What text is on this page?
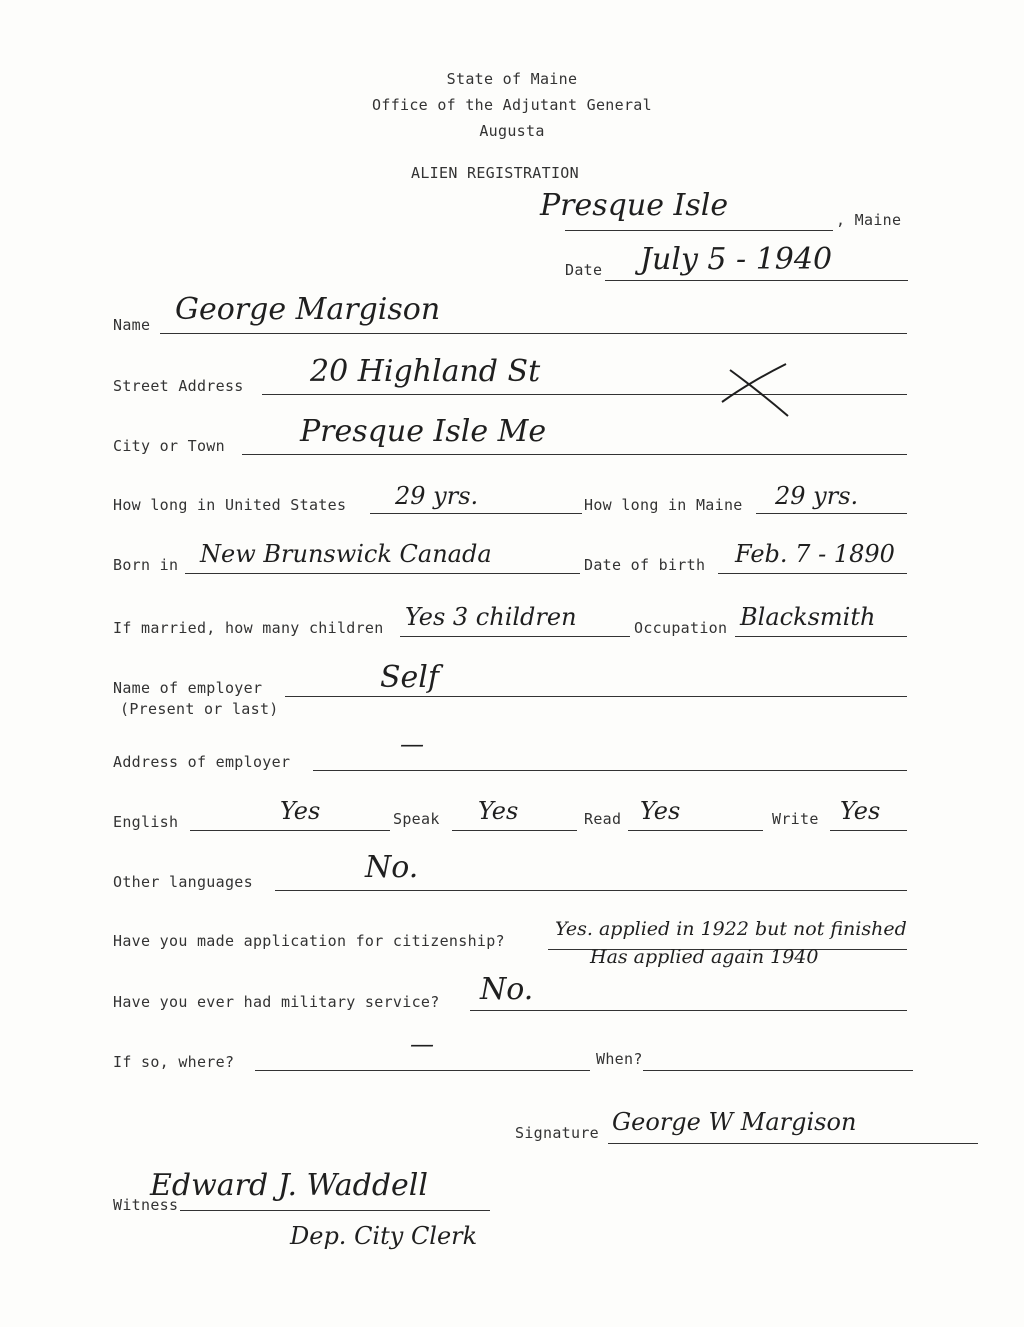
State of Maine
Office of the Adjutant General
Augusta
ALIEN REGISTRATION
Presque Isle	, Maine
Date July 5 - 1940
Name George Margison
Street Address 20 Highland St
City or Town	Presque Isle Me
How long in United States 29 yrs.	How long in Maine 29 yrs.
Born in New Brunswick Canada	Date of birth Feb. 7 - 1890
If married, how many children Yes 3 children	Occupation Blacksmith
Name of employer
(Present or last)
Self
Address of employer
—
English	Yes	Speak Yes	Read Yes	Write Yes
Other languages	No.
Have you made application for citizenship?
Yes. applied in 1922 but not finished
Has applied again 1940
Have you ever had military service? No.
If so, where?
—
When?
Signature George W Margison
Witness
Edward J. Waddell
Dep. City Clerk
